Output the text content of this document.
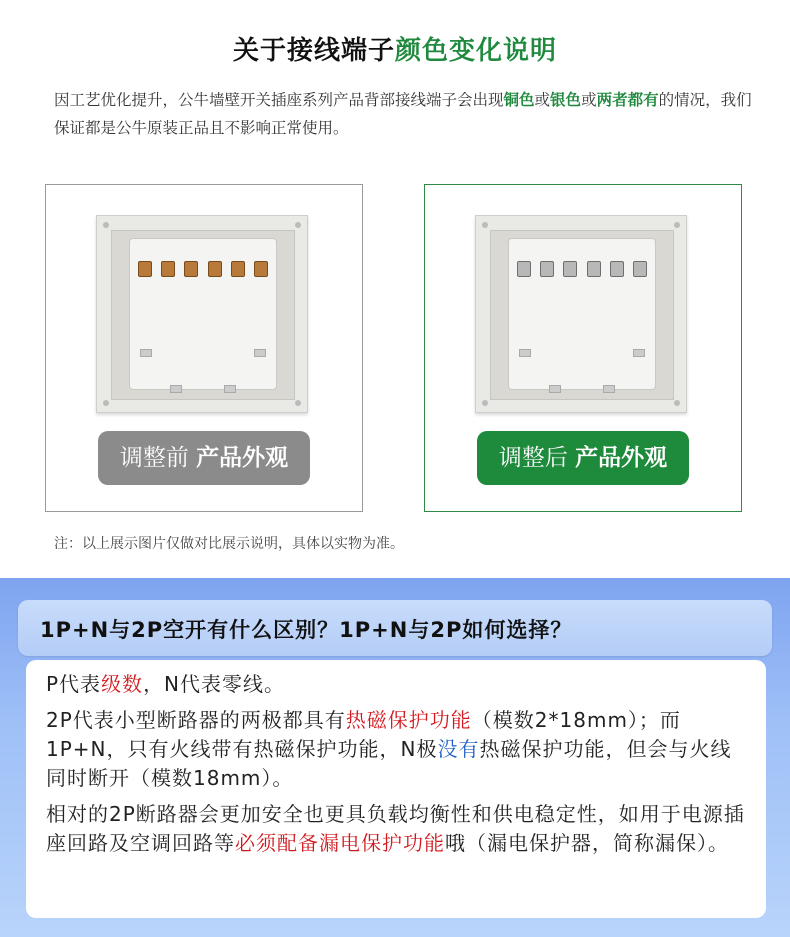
关于接线端子颜色变化说明
因工艺优化提升，公牛墙壁开关插座系列产品背部接线端子会出现铜色或银色或两者都有的情况，我们保证都是公牛原装正品且不影响正常使用。
调整前 产品外观	调整后 产品外观
注：以上展示图片仅做对比展示说明，具体以实物为准。
1P+N与2P空开有什么区别？1P+N与2P如何选择？
P代表级数，N代表零线。
2P代表小型断路器的两极都具有热磁保护功能（模数2*18mm）；而1P+N，只有火线带有热磁保护功能，N极没有热磁保护功能，但会与火线同时断开（模数18mm）。
相对的2P断路器会更加安全也更具负载均衡性和供电稳定性，如用于电源插座回路及空调回路等必须配备漏电保护功能哦（漏电保护器，简称漏保）。
